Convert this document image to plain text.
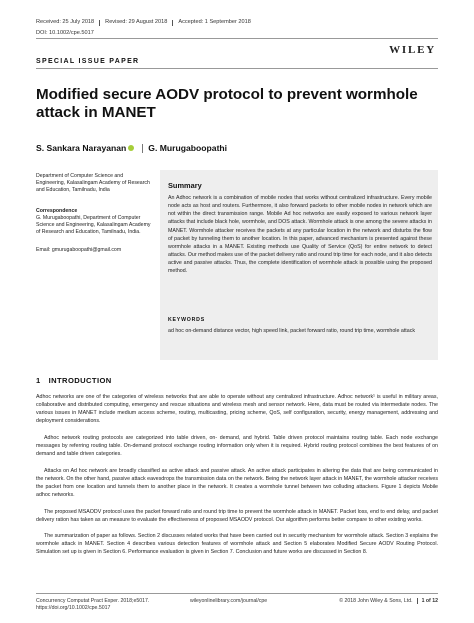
Received: 25 July 2018	Revised: 29 August 2018	Accepted: 1 September 2018
DOI: 10.1002/cpe.5017
WILEY
SPECIAL ISSUE PAPER
Modified secure AODV protocol to prevent wormhole attack in MANET
S. Sankara Narayanan	G. Murugaboopathi
Department of Computer Science and Engineering, Kalasalingam Academy of Research and Education, Tamilnadu, India
Correspondence
G. Murugaboopathi, Department of Computer Science and Engineering, Kalasalingam Academy of Research and Education, Tamilnadu, India.
Email: gmurugaboopathi@gmail.com
Summary

An Adhoc network is a combination of mobile nodes that works without centralized infrastructure. Every mobile node acts as host and routers. Furthermore, it also forward packets to other mobile nodes in network which are not within the direct transmission range. Mobile Ad hoc networks are easily exposed to various network layer attacks that include black hole, wormhole, and DOS attack. Wormhole attack is one among the severe attacks in MANET. Wormhole attacker receives the packets at any particular location in the network and disturbs the flow of packet by tunneling them to another location. In this paper, advanced mechanism is presented against these wormhole attacks in a MANET. Existing methods use Quality of Service (QoS) for entire network to detect attacks. Our method makes use of the packet delivery ratio and round trip time for each node, and it also detects active and passive attacks. Thus, the complete identification of wormhole attack is possible using the proposed method.

KEYWORDS

ad hoc on-demand distance vector, high speed link, packet forward ratio, round trip time, wormhole attack

1 INTRODUCTION

Adhoc networks are one of the categories of wireless networks that are able to operate without any centralized infrastructure. Adhoc network¹ is useful in military areas, collaborative and distributed computing, emergency and rescue situations and wireless mesh and sensor network. Here, data must be routed via intermediate nodes. The various issues in MANET include medium access scheme, routing, multicasting, pricing scheme, QoS, self configuration, security, energy management, addressing and deployment considerations.

Adhoc network routing protocols are categorized into table driven, on- demand, and hybrid. Table driven protocol maintains routing table. Each node exchange messages by referring routing table. On-demand protocol exchange routing information only when it is required. Hybrid routing protocol combines the best features of on demand and table driven categories.

Attacks on Ad hoc network are broadly classified as active attack and passive attack. An active attack participates in altering the data that are being communicated in the network. On the other hand, passive attack eavesdrops the transmission data on the network. Being the network layer attack in MANET, the wormhole attacker receives the packet from one location and tunnels them to another place in the network. It creates a wormhole tunnel between two colluding attackers. Figure 1 depicts Mobile adhoc networks.

The proposed MSAODV protocol uses the packet forward ratio and round trip time to prevent the wormhole attack in MANET. Packet loss, end to end delay, and packet delivery ration has taken as an measure to evaluate the effectiveness of proposed MSAODV protocol. Our algorithm performs better compare to other existing works.

The summarization of paper as follows. Section 2 discusses related works that have been carried out in security mechanism for wormhole attack. Section 3 explains the wormhole attack in MANET. Section 4 describes various detection features of wormhole attack and Section 5 elaborates Modified Secure AODV Routing Protocol. Simulation set up is given in Section 6. Performance evaluation is given in Section 7. Conclusion and future works are discussed in Section 8.

Concurrency Computat Pract Exper. 2018;e5017.
https://doi.org/10.1002/cpe.5017
wileyonlinelibrary.com/journal/cpe	© 2018 John Wiley & Sons, Ltd.	1 of 12
